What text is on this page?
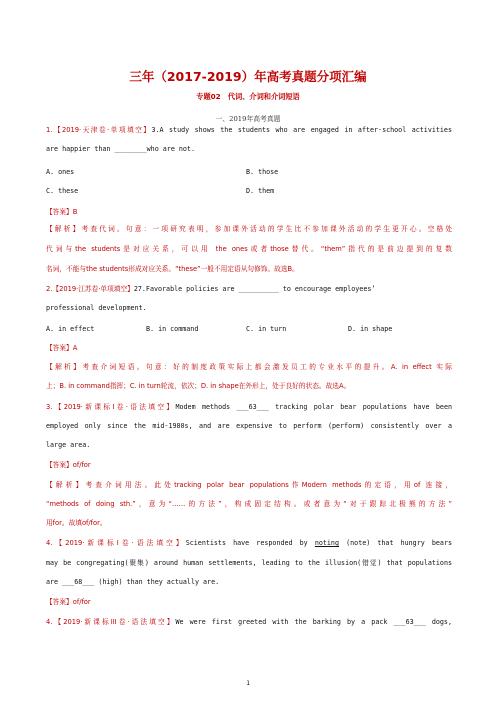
三年（2017-2019）年高考真题分项汇编
专题02　代词、介词和介词短语
一、2019年高考真题
1.【2019·天津卷·单项填空】3.A study shows the students who are engaged in after-school activities
are happier than ________who are not.
A. ones	B. those
C. these	D. them
【答案】B
【解析】考查代词。句意：一项研究表明，参加课外活动的学生比不参加课外活动的学生更开心。空格处
代词与the students是对应关系，可以用 the ones或者those替代。“them”指代的是前边提到的复数
名词，不能与the students形成对应关系。“these”一般不用定语从句修饰。故选B。
2.【2019·江苏卷·单项填空】27.Favorable policies are __________ to encourage employees’
professional development.
A. in effect	B. in command	C. in turn	D. in shape
【答案】A
【解析】考查介词短语。句意：好的制度政策实际上都会激发员工的专业水平的提升。A. in effect 实际
上；B. in command指挥；C. in turn轮流，依次；D. in shape在外形上，处于良好的状态。故选A。
3.【2019·新课标I卷·语法填空】Modem methods ___63___ tracking polar bear populations have been
employed only since the mid-1980s, and are expensive to perform (perform) consistently over a
large area.
【答案】of/for
【解析】考查介词用法。此处tracking polar bear populations作Modern methods的定语，用of 连接，
“methods of doing sth.”，意为“……的方法”，构成固定结构。或者意为“对于跟踪北极熊的方法”
用for。故填of/for。
4.【2019·新课标I卷·语法填空】Scientists have responded by noting (note) that hungry bears
may be congregating(聚集) around human settlements, leading to the illusion(错觉) that populations
are ___68___ (high) than they actually are.
【答案】of/for
4.【2019·新课标III卷·语法填空】We were first greeted with the barking by a pack ___63___ dogs,
1
